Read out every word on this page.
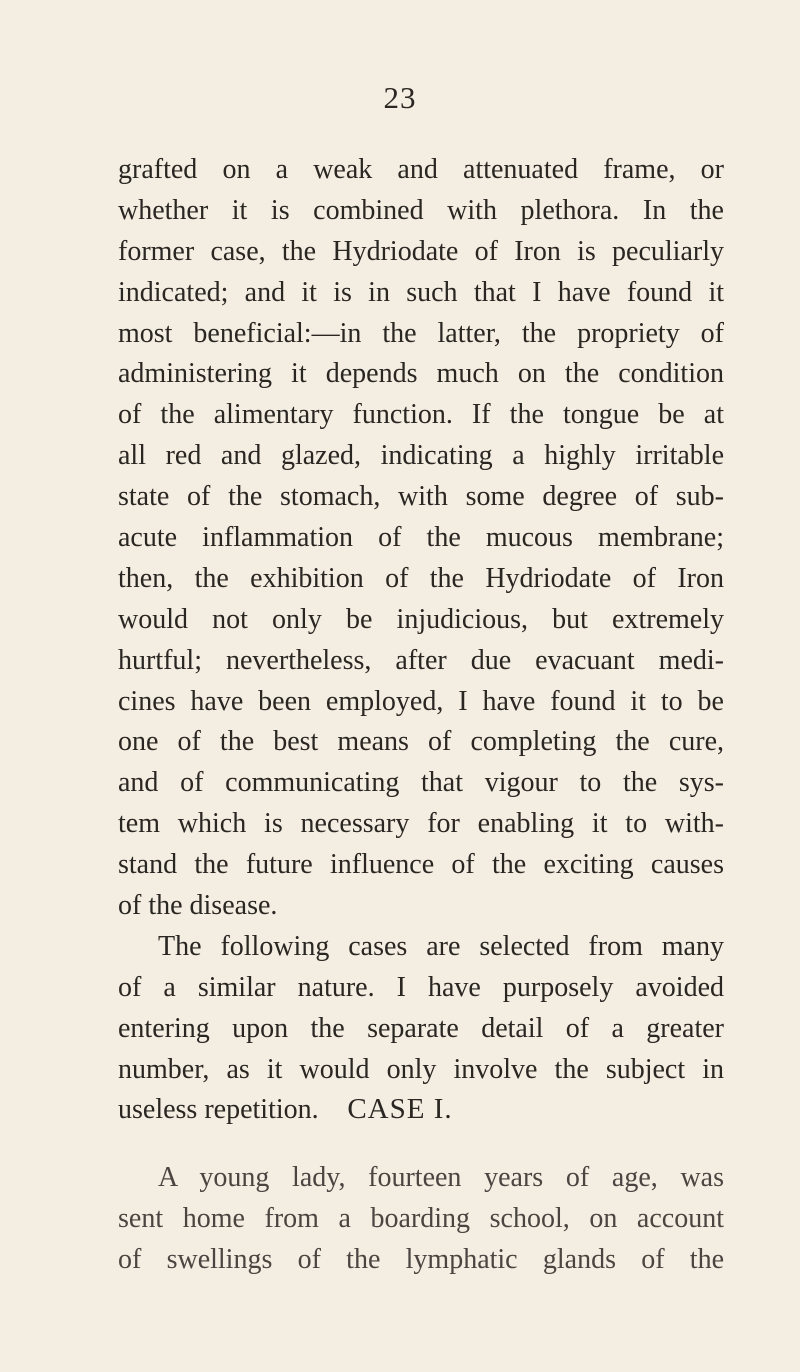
23
grafted on a weak and attenuated frame, or
whether it is combined with plethora. In the
former case, the Hydriodate of Iron is peculiarly
indicated; and it is in such that I have found it
most beneficial:—in the latter, the propriety of
administering it depends much on the condition
of the alimentary function. If the tongue be at
all red and glazed, indicating a highly irritable
state of the stomach, with some degree of sub-
acute inflammation of the mucous membrane;
then, the exhibition of the Hydriodate of Iron
would not only be injudicious, but extremely
hurtful; nevertheless, after due evacuant medi-
cines have been employed, I have found it to be
one of the best means of completing the cure,
and of communicating that vigour to the sys-
tem which is necessary for enabling it to with-
stand the future influence of the exciting causes
of the disease.
The following cases are selected from many
of a similar nature. I have purposely avoided
entering upon the separate detail of a greater
number, as it would only involve the subject in
useless repetition. CASE I.
A young lady, fourteen years of age, was
sent home from a boarding school, on account
of swellings of the lymphatic glands of the
